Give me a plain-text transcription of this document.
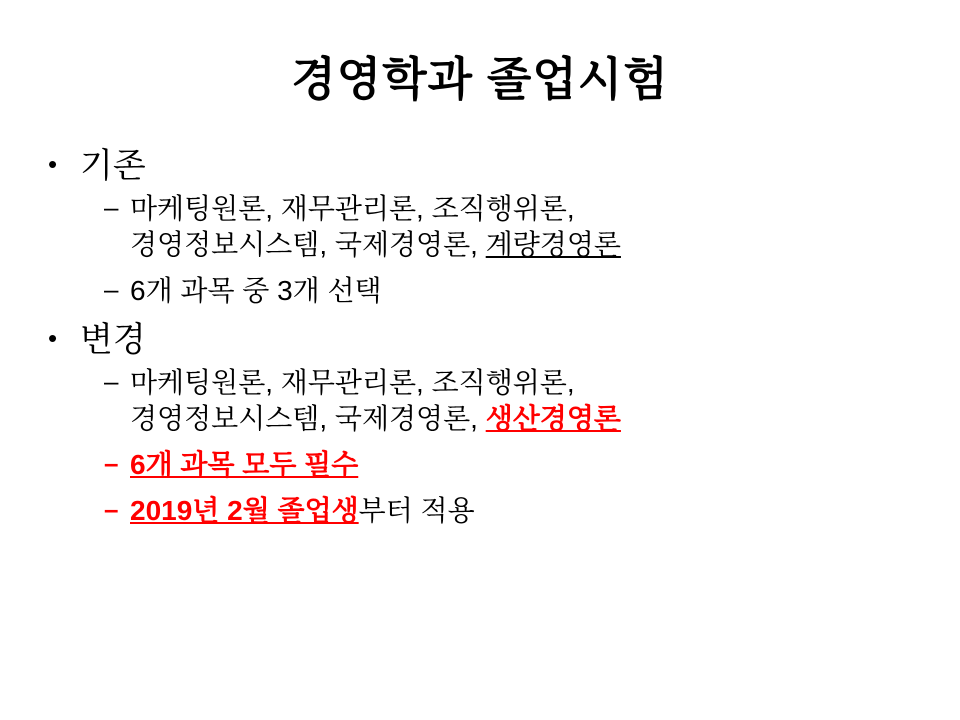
경영학과 졸업시험
• 기존
– 마케팅원론, 재무관리론, 조직행위론,
경영정보시스템, 국제경영론, 계량경영론
– 6개 과목 중 3개 선택
• 변경
– 마케팅원론, 재무관리론, 조직행위론,
경영정보시스템, 국제경영론, 생산경영론
– 6개 과목 모두 필수
– 2019년 2월 졸업생부터 적용
